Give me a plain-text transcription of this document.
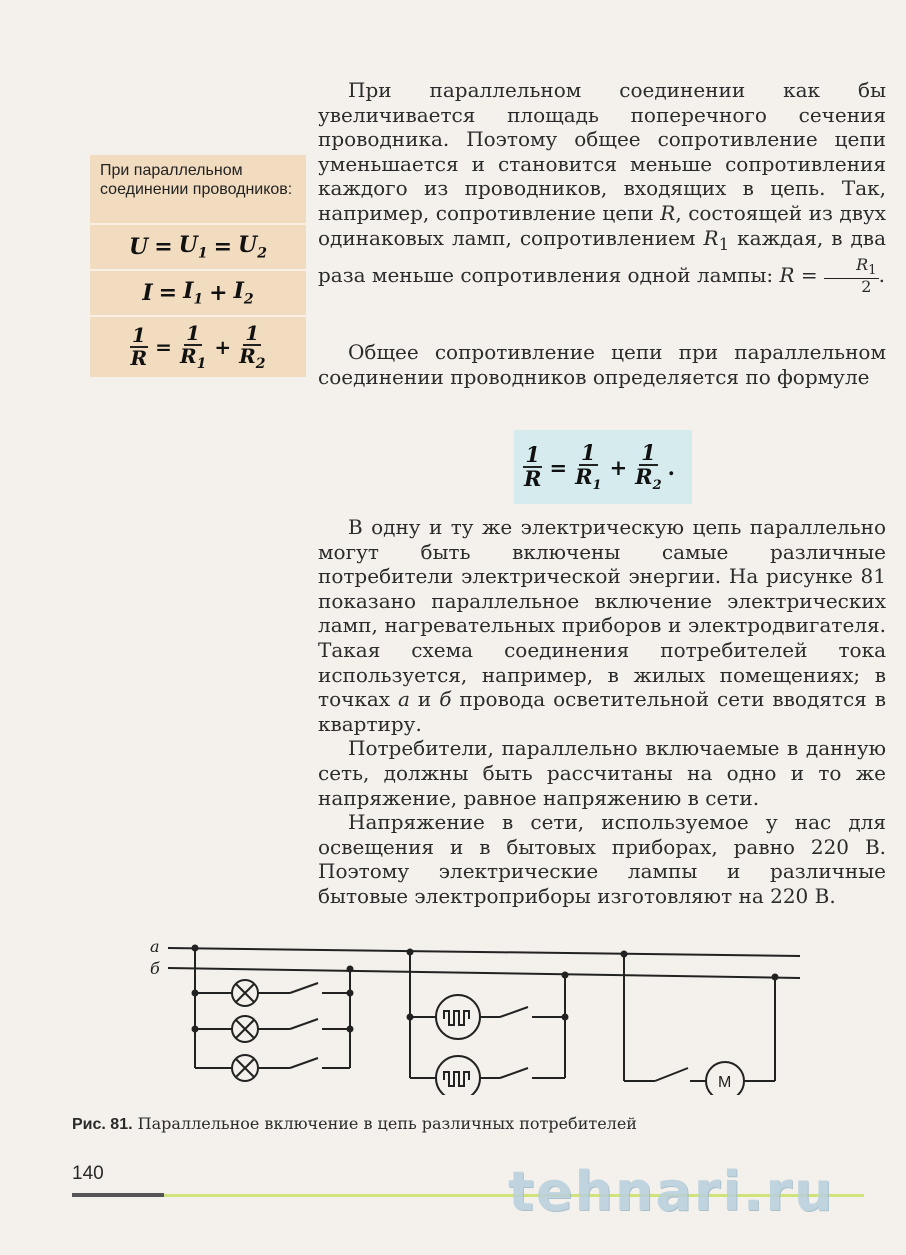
При параллельном соединении проводников:
$U = U_1 = U_2$
$I = I_1 + I_2$
$\frac{1}{R} = \frac{1}{R_1} + \frac{1}{R_2}$

При параллельном соединении как бы увеличивается площадь поперечного сечения проводника. Поэтому общее сопротивление цепи уменьшается и становится меньше сопротивления каждого из проводников, входящих в цепь. Так, например, сопротивление цепи R, состоящей из двух одинаковых ламп, сопротивлением $R_1$ каждая, в два раза меньше сопротивления одной лампы: $R = \frac{R_1}{2}$ .

Общее сопротивление цепи при параллельном соединении проводников определяется по формуле

$\frac{1}{R} = \frac{1}{R_1} + \frac{1}{R_2}$ .

В одну и ту же электрическую цепь параллельно могут быть включены самые различные потребители электрической энергии. На рисунке 81 показано параллельное включение электрических ламп, нагревательных приборов и электродвигателя. Такая схема соединения потребителей тока используется, например, в жилых помещениях; в точках а и б провода осветительной сети вводятся в квартиру.

Потребители, параллельно включаемые в данную сеть, должны быть рассчитаны на одно и то же напряжение, равное напряжению в сети.

Напряжение в сети, используемое у нас для освещения и в бытовых приборах, равно 220 В. Поэтому электрические лампы и различные бытовые электроприборы изготовляют на 220 В.

а
б
М
Рис. 81. Параллельное включение в цепь различных потребителей
140	tehnari.ru
